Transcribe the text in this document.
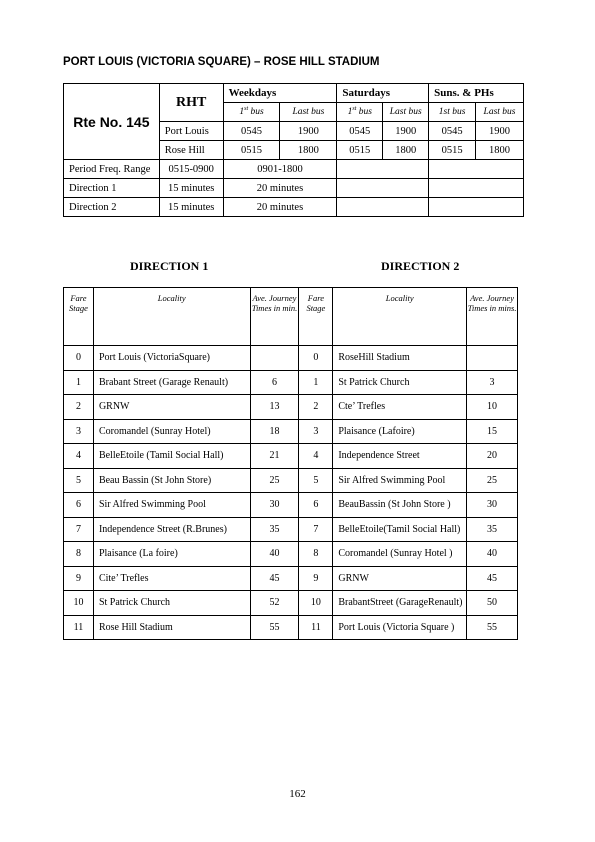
PORT LOUIS (VICTORIA SQUARE) – ROSE HILL STADIUM
Rte No. 145	RHT	Weekdays		Saturdays		Suns. & PHs	
		1st bus	Last bus	1st bus	Last bus	1st bus	Last bus
	Port Louis	0545	1900	0545	1900	0545	1900
	Rose Hill	0515	1800	0515	1800	0515	1800
Period Freq. Range	0515-0900	0901-1800					
Direction 1	15 minutes	20 minutes					
Direction 2	15 minutes	20 minutes					
DIRECTION 1	DIRECTION 2
Fare Stage	Locality	Ave. Journey Times in min.	Fare Stage	Locality	Ave. Journey Times in mins.
0	Port Louis (VictoriaSquare)		0	RoseHill Stadium	
1	Brabant Street (Garage Renault)	6	1	St Patrick Church	3
2	GRNW	13	2	Cte’ Trefles	10
3	Coromandel (Sunray Hotel)	18	3	Plaisance (Lafoire)	15
4	BelleEtoile (Tamil Social Hall)	21	4	Independence Street	20
5	Beau Bassin (St John Store)	25	5	Sir Alfred Swimming Pool	25
6	Sir Alfred Swimming Pool	30	6	BeauBassin (St John Store )	30
7	Independence Street (R.Brunes)	35	7	BelleEtoile(Tamil Social Hall)	35
8	Plaisance (La foire)	40	8	Coromandel (Sunray Hotel )	40
9	Cite’ Trefles	45	9	GRNW	45
10	St Patrick Church	52	10	BrabantStreet (GarageRenault)	50
11	Rose Hill Stadium	55	11	Port Louis (Victoria Square )	55
162
